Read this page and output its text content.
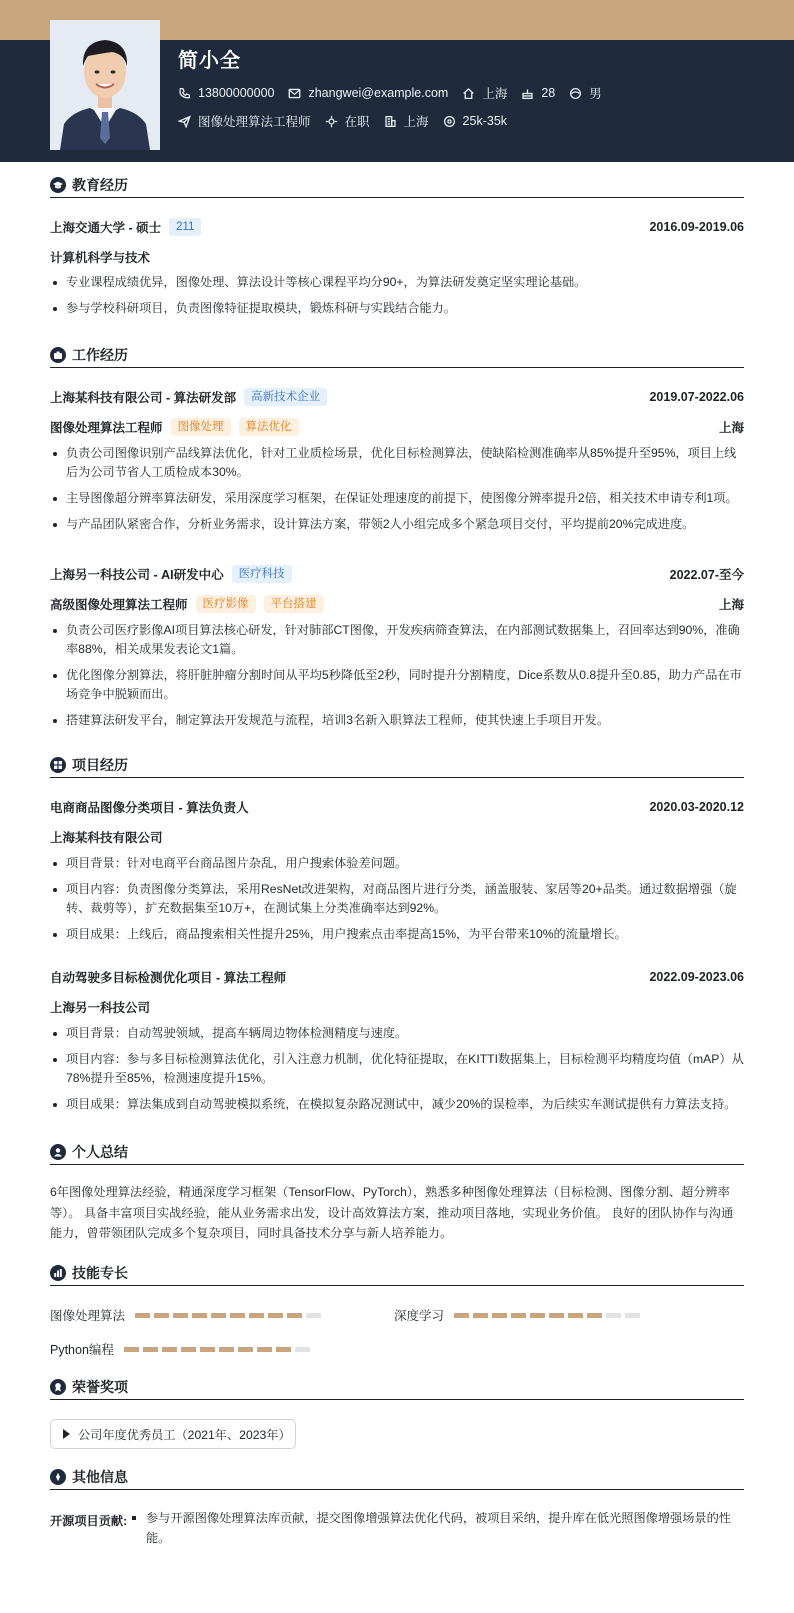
简小全
13800000000	zhangwei@example.com	上海	28	男
图像处理算法工程师	在职	上海	25k-35k
教育经历
上海交通大学 - 硕士	211	2016.09-2019.06
计算机科学与技术
专业课程成绩优异，图像处理、算法设计等核心课程平均分90+，为算法研发奠定坚实理论基础。
参与学校科研项目，负责图像特征提取模块，锻炼科研与实践结合能力。
工作经历
上海某科技有限公司 - 算法研发部	高新技术企业	2019.07-2022.06
图像处理算法工程师	图像处理	算法优化	上海
负责公司图像识别产品线算法优化，针对工业质检场景，优化目标检测算法，使缺陷检测准确率从85%提升至95%，项目上线后为公司节省人工质检成本30%。
主导图像超分辨率算法研发，采用深度学习框架，在保证处理速度的前提下，使图像分辨率提升2倍，相关技术申请专利1项。
与产品团队紧密合作，分析业务需求，设计算法方案，带领2人小组完成多个紧急项目交付，平均提前20%完成进度。
上海另一科技公司 - AI研发中心	医疗科技	2022.07-至今
高级图像处理算法工程师	医疗影像	平台搭建	上海
负责公司医疗影像AI项目算法核心研发，针对肺部CT图像，开发疾病筛查算法，在内部测试数据集上，召回率达到90%，准确率88%，相关成果发表论文1篇。
优化图像分割算法，将肝脏肿瘤分割时间从平均5秒降低至2秒，同时提升分割精度，Dice系数从0.8提升至0.85，助力产品在市场竞争中脱颖而出。
搭建算法研发平台，制定算法开发规范与流程，培训3名新入职算法工程师，使其快速上手项目开发。
项目经历
电商商品图像分类项目 - 算法负责人	2020.03-2020.12
上海某科技有限公司
项目背景：针对电商平台商品图片杂乱，用户搜索体验差问题。
项目内容：负责图像分类算法，采用ResNet改进架构，对商品图片进行分类，涵盖服装、家居等20+品类。通过数据增强（旋转、裁剪等），扩充数据集至10万+，在测试集上分类准确率达到92%。
项目成果：上线后，商品搜索相关性提升25%，用户搜索点击率提高15%，为平台带来10%的流量增长。
自动驾驶多目标检测优化项目 - 算法工程师	2022.09-2023.06
上海另一科技公司
项目背景：自动驾驶领域，提高车辆周边物体检测精度与速度。
项目内容：参与多目标检测算法优化，引入注意力机制，优化特征提取，在KITTI数据集上，目标检测平均精度均值（mAP）从78%提升至85%，检测速度提升15%。
项目成果：算法集成到自动驾驶模拟系统，在模拟复杂路况测试中，减少20%的误检率，为后续实车测试提供有力算法支持。
个人总结
6年图像处理算法经验，精通深度学习框架（TensorFlow、PyTorch），熟悉多种图像处理算法（目标检测、图像分割、超分辨率等）。 具备丰富项目实战经验，能从业务需求出发，设计高效算法方案，推动项目落地，实现业务价值。 良好的团队协作与沟通能力，曾带领团队完成多个复杂项目，同时具备技术分享与新人培养能力。
技能专长
图像处理算法	深度学习
Python编程
荣誉奖项
公司年度优秀员工（2021年、2023年）
其他信息
开源项目贡献:	参与开源图像处理算法库贡献，提交图像增强算法优化代码，被项目采纳，提升库在低光照图像增强场景的性能。
